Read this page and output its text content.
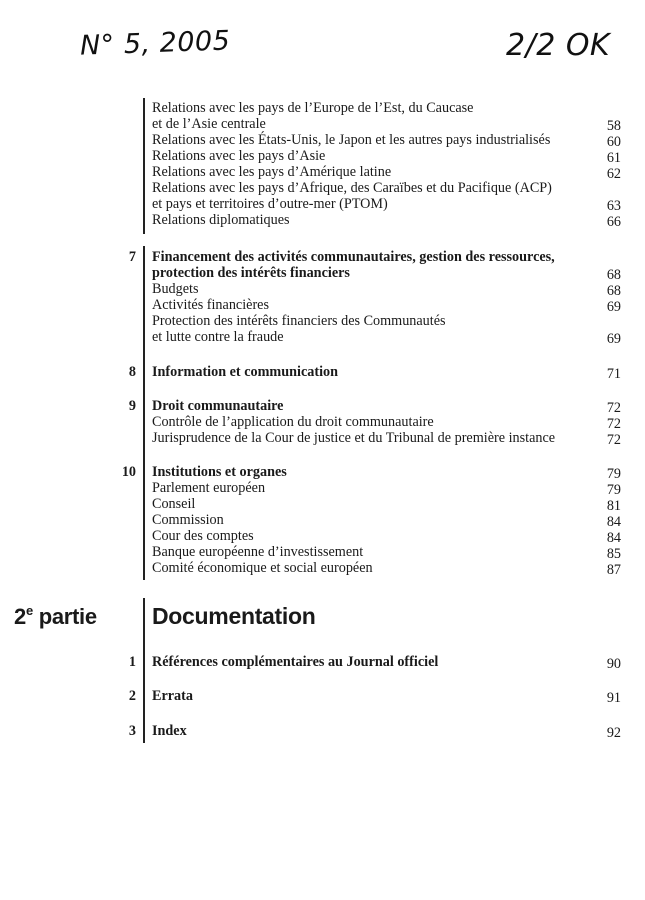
N° 5, 2005	2/2 OK
Relations avec les pays de l’Europe de l’Est, du Caucase
et de l’Asie centrale	58
Relations avec les États-Unis, le Japon et les autres pays industrialisés	60
Relations avec les pays d’Asie	61
Relations avec les pays d’Amérique latine	62
Relations avec les pays d’Afrique, des Caraïbes et du Pacifique (ACP)
et pays et territoires d’outre-mer (PTOM)	63
Relations diplomatiques	66
7 Financement des activités communautaires, gestion des ressources,
protection des intérêts financiers	68
Budgets	68
Activités financières	69
Protection des intérêts financiers des Communautés
et lutte contre la fraude	69
8 Information et communication	71
9 Droit communautaire	72
Contrôle de l’application du droit communautaire	72
Jurisprudence de la Cour de justice et du Tribunal de première instance	72
10 Institutions et organes	79
Parlement européen	79
Conseil	81
Commission	84
Cour des comptes	84
Banque européenne d’investissement	85
Comité économique et social européen	87
2e partie	Documentation
1 Références complémentaires au Journal officiel	90
2 Errata	91
3 Index	92
